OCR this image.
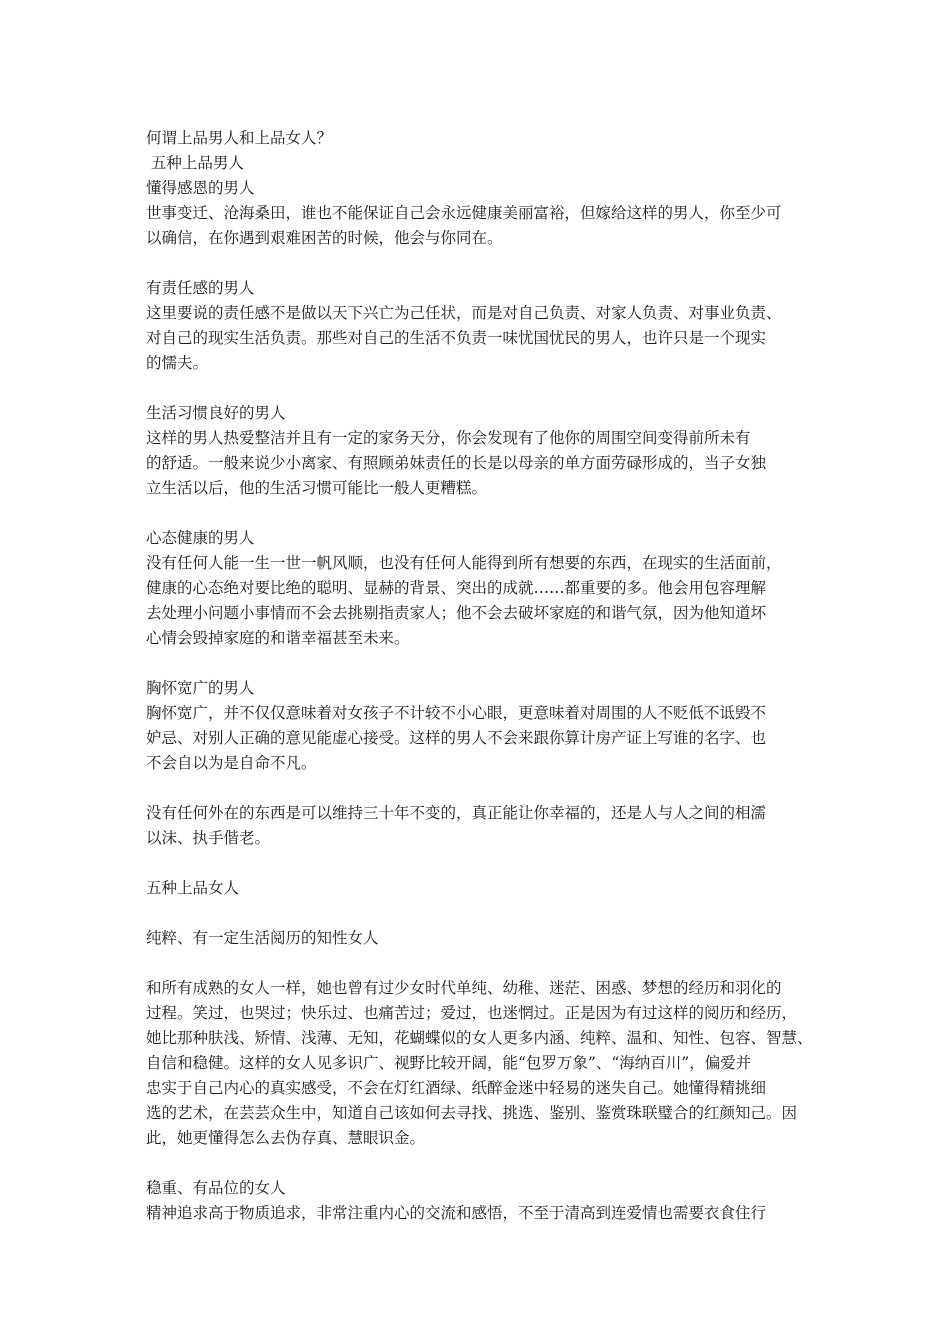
何谓上品男人和上品女人？
五种上品男人
懂得感恩的男人
世事变迁、沧海桑田，谁也不能保证自己会永远健康美丽富裕，但嫁给这样的男人，你至少可
以确信，在你遇到艰难困苦的时候，他会与你同在。
有责任感的男人
这里要说的责任感不是做以天下兴亡为己任状，而是对自己负责、对家人负责、对事业负责、
对自己的现实生活负责。那些对自己的生活不负责一味忧国忧民的男人，也许只是一个现实
的懦夫。
生活习惯良好的男人
这样的男人热爱整洁并且有一定的家务天分，你会发现有了他你的周围空间变得前所未有
的舒适。一般来说少小离家、有照顾弟妹责任的长是以母亲的单方面劳碌形成的，当子女独
立生活以后，他的生活习惯可能比一般人更糟糕。
心态健康的男人
没有任何人能一生一世一帆风顺，也没有任何人能得到所有想要的东西，在现实的生活面前，
健康的心态绝对要比绝的聪明、显赫的背景、突出的成就……都重要的多。他会用包容理解
去处理小问题小事情而不会去挑剔指责家人；他不会去破坏家庭的和谐气氛，因为他知道坏
心情会毁掉家庭的和谐幸福甚至未来。
胸怀宽广的男人
胸怀宽广，并不仅仅意味着对女孩子不计较不小心眼，更意味着对周围的人不贬低不诋毁不
妒忌、对别人正确的意见能虚心接受。这样的男人不会来跟你算计房产证上写谁的名字、也
不会自以为是自命不凡。
没有任何外在的东西是可以维持三十年不变的，真正能让你幸福的，还是人与人之间的相濡
以沫、执手偕老。
五种上品女人
纯粹、有一定生活阅历的知性女人
和所有成熟的女人一样，她也曾有过少女时代单纯、幼稚、迷茫、困惑、梦想的经历和羽化的
过程。笑过，也哭过；快乐过、也痛苦过；爱过，也迷惘过。正是因为有过这样的阅历和经历，
她比那种肤浅、矫情、浅薄、无知，花蝴蝶似的女人更多内涵、纯粹、温和、知性、包容、智慧、
自信和稳健。这样的女人见多识广、视野比较开阔，能“包罗万象”、“海纳百川”，偏爱并
忠实于自己内心的真实感受，不会在灯红酒绿、纸醉金迷中轻易的迷失自己。她懂得精挑细
选的艺术，在芸芸众生中，知道自己该如何去寻找、挑选、鉴别、鉴赏珠联璧合的红颜知己。因
此，她更懂得怎么去伪存真、慧眼识金。
稳重、有品位的女人
精神追求高于物质追求，非常注重内心的交流和感悟，不至于清高到连爱情也需要衣食住行
